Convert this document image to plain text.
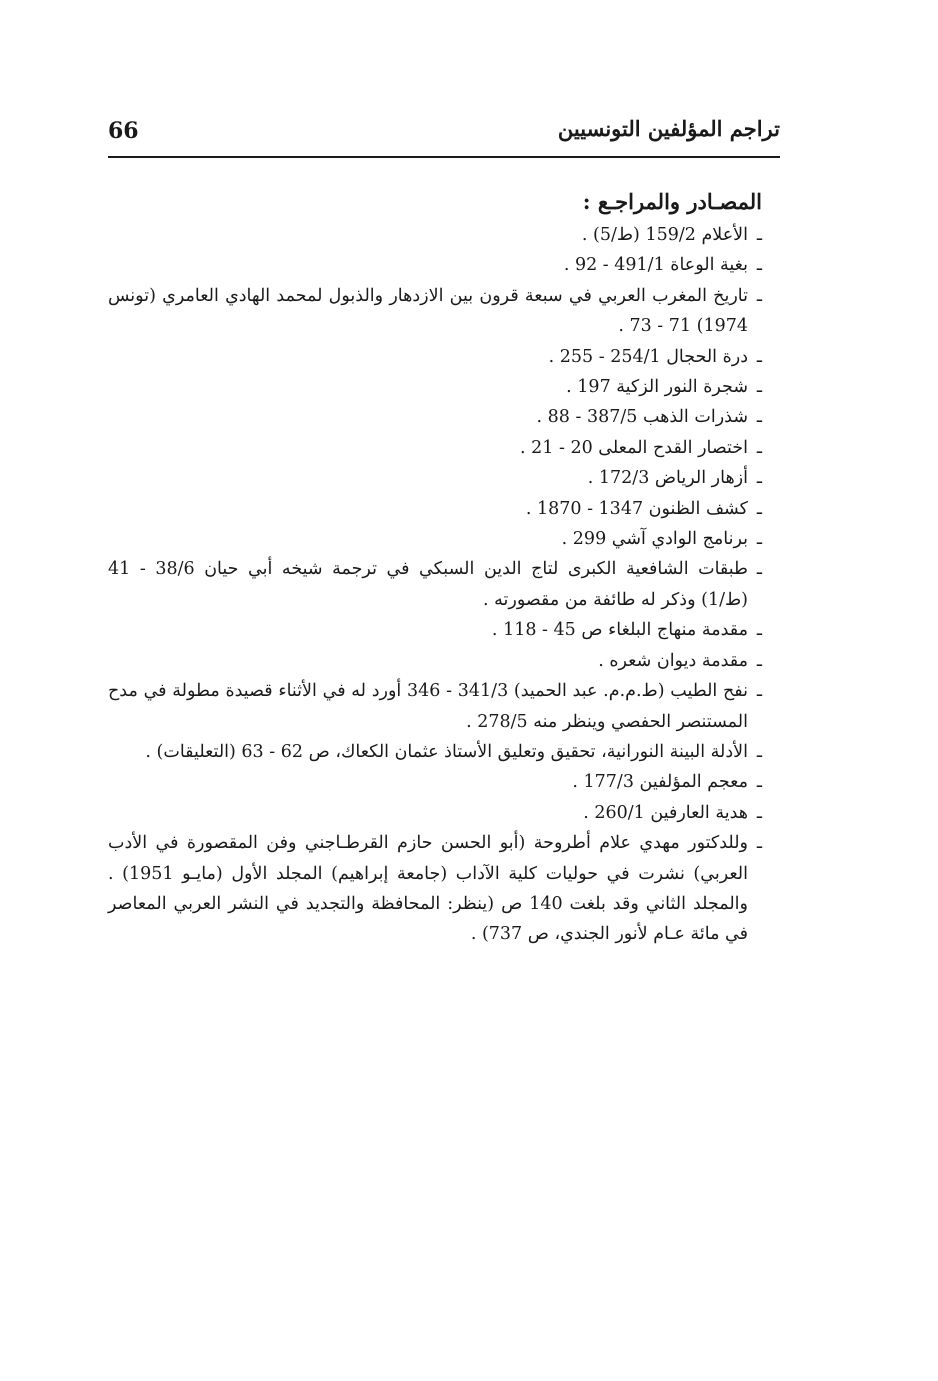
66	تراجم المؤلفين التونسيين
المصـادر والمراجـع :
ـ الأعلام 159/2 (ط/5) .
ـ بغية الوعاة 491/1 - 92 .
ـ تاريخ المغرب العربي في سبعة قرون بين الازدهار والذبول لمحمد الهادي العامري (تونس 1974) 71 - 73 .
ـ درة الحجال 254/1 - 255 .
ـ شجرة النور الزكية 197 .
ـ شذرات الذهب 387/5 - 88 .
ـ اختصار القدح المعلى 20 - 21 .
ـ أزهار الرياض 172/3 .
ـ كشف الظنون 1347 - 1870 .
ـ برنامج الوادي آشي 299 .
ـ طبقات الشافعية الكبرى لتاج الدين السبكي في ترجمة شيخه أبي حيان 38/6 - 41 (ط/1) وذكر له طائفة من مقصورته .
ـ مقدمة منهاج البلغاء ص 45 - 118 .
ـ مقدمة ديوان شعره .
ـ نفح الطيب (ط.م.م. عبد الحميد) 341/3 - 346 أورد له في الأثناء قصيدة مطولة في مدح المستنصر الحفصي وينظر منه 278/5 .
ـ الأدلة البينة النورانية، تحقيق وتعليق الأستاذ عثمان الكعاك، ص 62 - 63 (التعليقات) .
ـ معجم المؤلفين 177/3 .
ـ هدية العارفين 260/1 .
ـ وللدكتور مهدي علام أطروحة (أبو الحسن حازم القرطـاجني وفن المقصورة في الأدب العربي) نشرت في حوليات كلية الآداب (جامعة إبراهيم) المجلد الأول (مايـو 1951) . والمجلد الثاني وقد بلغت 140 ص (ينظر: المحافظة والتجديد في النشر العربي المعاصر في مائة عـام لأنور الجندي، ص 737) .
